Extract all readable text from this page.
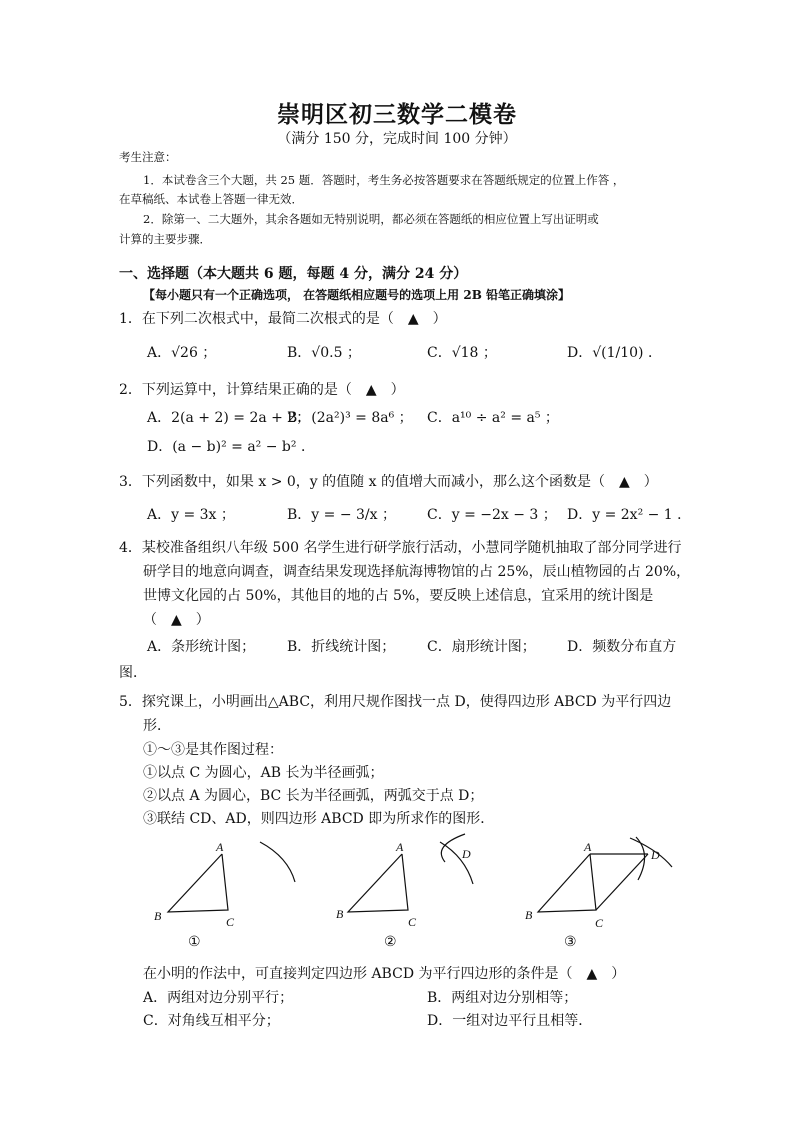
崇明区初三数学二模卷
（满分 150 分，完成时间 100 分钟）
考生注意：
1．本试卷含三个大题，共 25 题．答题时，考生务必按答题要求在答题纸规定的位置上作答 ，
在草稿纸、本试卷上答题一律无效．
2．除第一、二大题外，其余各题如无特别说明，都必须在答题纸的相应位置上写出证明或
计算的主要步骤．
一、选择题（本大题共 6 题，每题 4 分，满分 24 分）
【每小题只有一个正确选项， 在答题纸相应题号的选项上用 2B 铅笔正确填涂】
1．在下列二次根式中，最简二次根式的是（　▲　）
A．√26 ；	B．√0.5 ；	C．√18 ；	D．√(1/10) ．
2．下列运算中，计算结果正确的是（　▲　）
A．2(a + 2) = 2a + 2；
B．(2a²)³ = 8a⁶ ； C．a¹⁰ ÷ a² = a⁵ ；
D．(a − b)² = a² − b² ．
3．下列函数中，如果 x > 0，y 的值随 x 的值增大而减小，那么这个函数是（　▲　）
A．y = 3x ；	B．y = − 3/x ； C．y = −2x − 3 ； D．y = 2x² − 1 ．
4．某校准备组织八年级 500 名学生进行研学旅行活动，小慧同学随机抽取了部分同学进行
研学目的地意向调查，调查结果发现选择航海博物馆的占 25%，辰山植物园的占 20%，
世博文化园的占 50%，其他目的地的占 5%，要反映上述信息，宜采用的统计图是
（　▲　）
A．条形统计图； B．折线统计图； C．扇形统计图； D．频数分布直方
图．
5．探究课上，小明画出△ABC，利用尺规作图找一点 D，使得四边形 ABCD 为平行四边
形．
①～③是其作图过程：
①以点 C 为圆心，AB 长为半径画弧；
②以点 A 为圆心，BC 长为半径画弧，两弧交于点 D；
③联结 CD、AD，则四边形 ABCD 即为所求作的图形．
A
B	C
A
B
C
D	A
B
C
D
①	②	③
在小明的作法中，可直接判定四边形 ABCD 为平行四边形的条件是（　▲　）
A．两组对边分别平行；	B．两组对边分别相等；
C．对角线互相平分；	D．一组对边平行且相等．
